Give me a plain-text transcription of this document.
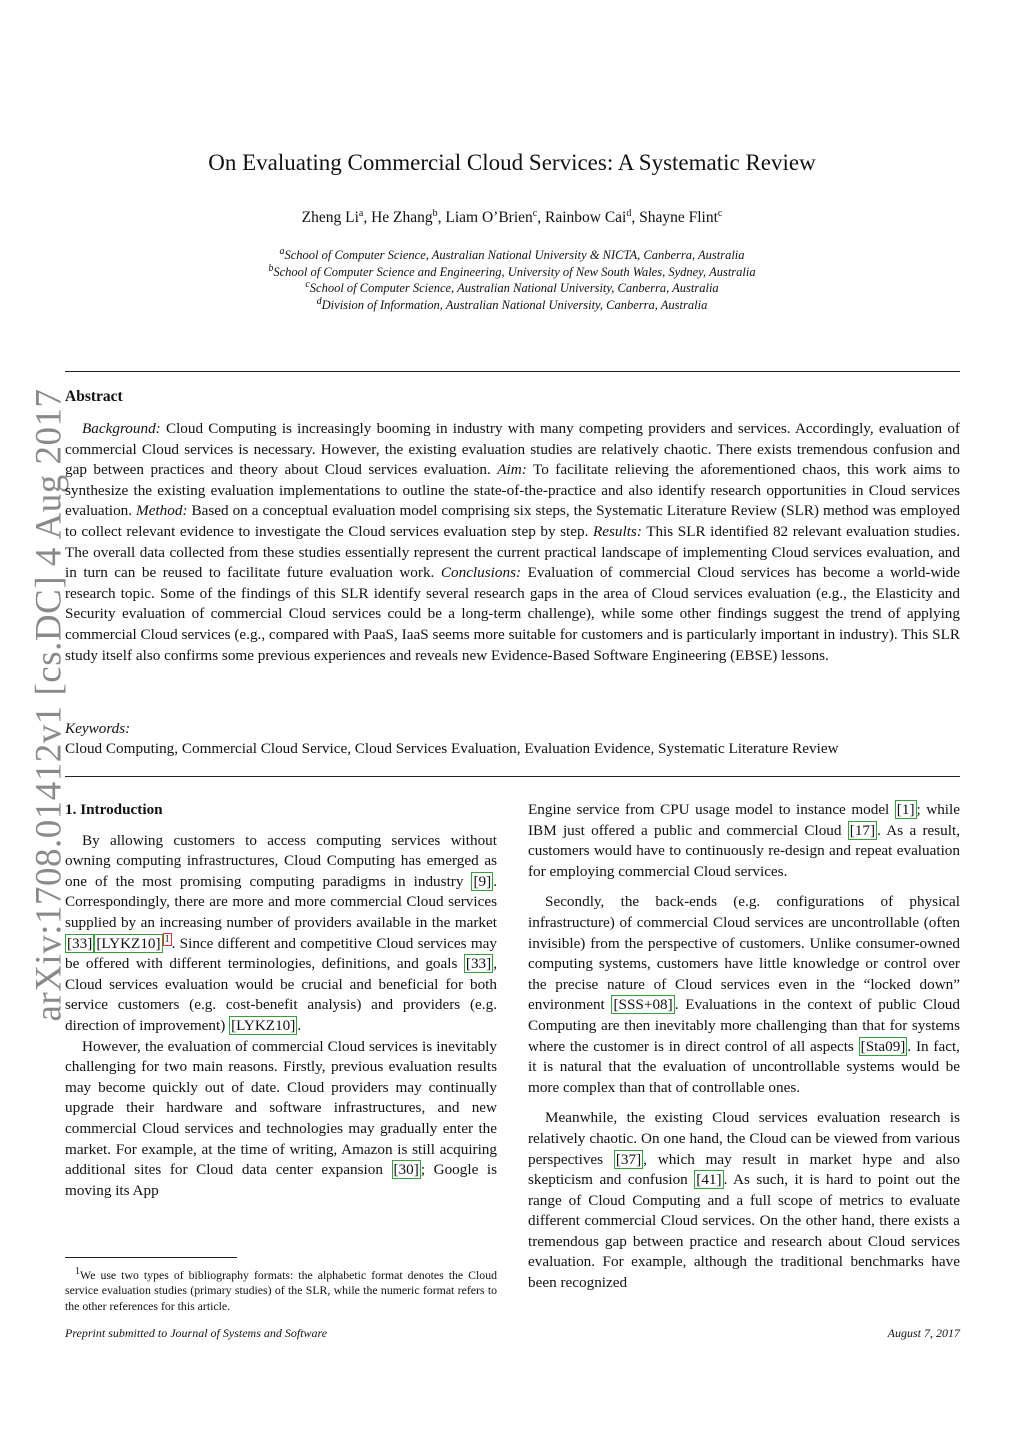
arXiv:1708.01412v1 [cs.DC] 4 Aug 2017
On Evaluating Commercial Cloud Services: A Systematic Review
Zheng Li$^a$, He Zhang$^b$, Liam O’Brien$^c$, Rainbow Cai$^d$, Shayne Flint$^c$
$^a$School of Computer Science, Australian National University & NICTA, Canberra, Australia
$^b$School of Computer Science and Engineering, University of New South Wales, Sydney, Australia
$^c$School of Computer Science, Australian National University, Canberra, Australia
$^d$Division of Information, Australian National University, Canberra, Australia
Abstract
Background: Cloud Computing is increasingly booming in industry with many competing providers and services. Accordingly, evaluation of commercial Cloud services is necessary. However, the existing evaluation studies are relatively chaotic. There exists tremendous confusion and gap between practices and theory about Cloud services evaluation. Aim: To facilitate relieving the aforementioned chaos, this work aims to synthesize the existing evaluation implementations to outline the state-of-the-practice and also identify research opportunities in Cloud services evaluation. Method: Based on a conceptual evaluation model comprising six steps, the Systematic Literature Review (SLR) method was employed to collect relevant evidence to investigate the Cloud services evaluation step by step. Results: This SLR identified 82 relevant evaluation studies. The overall data collected from these studies essentially represent the current practical landscape of implementing Cloud services evaluation, and in turn can be reused to facilitate future evaluation work. Conclusions: Evaluation of commercial Cloud services has become a world-wide research topic. Some of the findings of this SLR identify several research gaps in the area of Cloud services evaluation (e.g., the Elasticity and Security evaluation of commercial Cloud services could be a long-term challenge), while some other findings suggest the trend of applying commercial Cloud services (e.g., compared with PaaS, IaaS seems more suitable for customers and is particularly important in industry). This SLR study itself also confirms some previous experiences and reveals new Evidence-Based Software Engineering (EBSE) lessons.
Keywords:
Cloud Computing, Commercial Cloud Service, Cloud Services Evaluation, Evaluation Evidence, Systematic Literature Review

1. Introduction

By allowing customers to access computing services without owning computing infrastructures, Cloud Computing has emerged as one of the most promising computing paradigms in industry [9] . Correspondingly, there are more and more commercial Cloud services supplied by an increasing number of providers available in the market [33] [LYKZ10] $^1$ . Since different and competitive Cloud services may be offered with different terminologies, definitions, and goals [33] , Cloud services evaluation would be crucial and beneficial for both service customers (e.g. cost-benefit analysis) and providers (e.g. direction of improvement) [LYKZ10] .

However, the evaluation of commercial Cloud services is inevitably challenging for two main reasons. Firstly, previous evaluation results may become quickly out of date. Cloud providers may continually upgrade their hardware and software infrastructures, and new commercial Cloud services and technologies may gradually enter the market. For example, at the time of writing, Amazon is still acquiring additional sites for Cloud data center expansion [30] ; Google is moving its App

Engine service from CPU usage model to instance model [1] ; while IBM just offered a public and commercial Cloud [17] . As a result, customers would have to continuously re-design and repeat evaluation for employing commercial Cloud services.

Secondly, the back-ends (e.g. configurations of physical infrastructure) of commercial Cloud services are uncontrollable (often invisible) from the perspective of customers. Unlike consumer-owned computing systems, customers have little knowledge or control over the precise nature of Cloud services even in the “locked down” environment [SSS+08] . Evaluations in the context of public Cloud Computing are then inevitably more challenging than that for systems where the customer is in direct control of all aspects [Sta09] . In fact, it is natural that the evaluation of uncontrollable systems would be more complex than that of controllable ones.

Meanwhile, the existing Cloud services evaluation research is relatively chaotic. On one hand, the Cloud can be viewed from various perspectives [37] , which may result in market hype and also skepticism and confusion [41] . As such, it is hard to point out the range of Cloud Computing and a full scope of metrics to evaluate different commercial Cloud services. On the other hand, there exists a tremendous gap between practice and research about Cloud services evaluation. For example, although the traditional benchmarks have been recognized

$^1$We use two types of bibliography formats: the alphabetic format denotes the Cloud service evaluation studies (primary studies) of the SLR, while the numeric format refers to the other references for this article.
Preprint submitted to Journal of Systems and Software	August 7, 2017
